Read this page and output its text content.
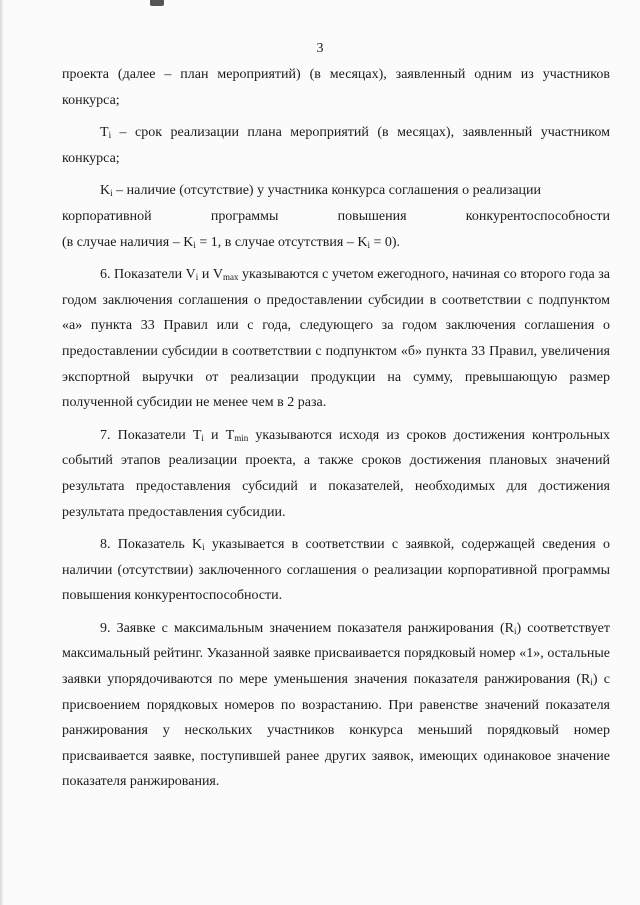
3

проекта (далее – план мероприятий) (в месяцах), заявленный одним из участников конкурса;

$T_i$ – срок реализации плана мероприятий (в месяцах), заявленный участником конкурса;

$K_i$ – наличие (отсутствие) у участника конкурса соглашения о реализации

корпоративной	программы	повышения	конкурентоспособности

(в случае наличия – $K_i = 1$, в случае отсутствия – $K_i = 0$).

6. Показатели $V_i$ и $V_{max}$ указываются с учетом ежегодного, начиная со второго года за годом заключения соглашения о предоставлении субсидии в соответствии с подпунктом «а» пункта 33 Правил или с года, следующего за годом заключения соглашения о предоставлении субсидии в соответствии с подпунктом «б» пункта 33 Правил, увеличения экспортной выручки от реализации продукции на сумму, превышающую размер полученной субсидии не менее чем в 2 раза.

7. Показатели $T_i$ и $T_{min}$ указываются исходя из сроков достижения контрольных событий этапов реализации проекта, а также сроков достижения плановых значений результата предоставления субсидий и показателей, необходимых для достижения результата предоставления субсидии.

8. Показатель $K_i$ указывается в соответствии с заявкой, содержащей сведения о наличии (отсутствии) заключенного соглашения о реализации корпоративной программы повышения конкурентоспособности.

9. Заявке с максимальным значением показателя ранжирования $(R_i)$ соответствует максимальный рейтинг. Указанной заявке присваивается порядковый номер «1», остальные заявки упорядочиваются по мере уменьшения значения показателя ранжирования $(R_i)$ с присвоением порядковых номеров по возрастанию. При равенстве значений показателя ранжирования у нескольких участников конкурса меньший порядковый номер присваивается заявке, поступившей ранее других заявок, имеющих одинаковое значение показателя ранжирования.
